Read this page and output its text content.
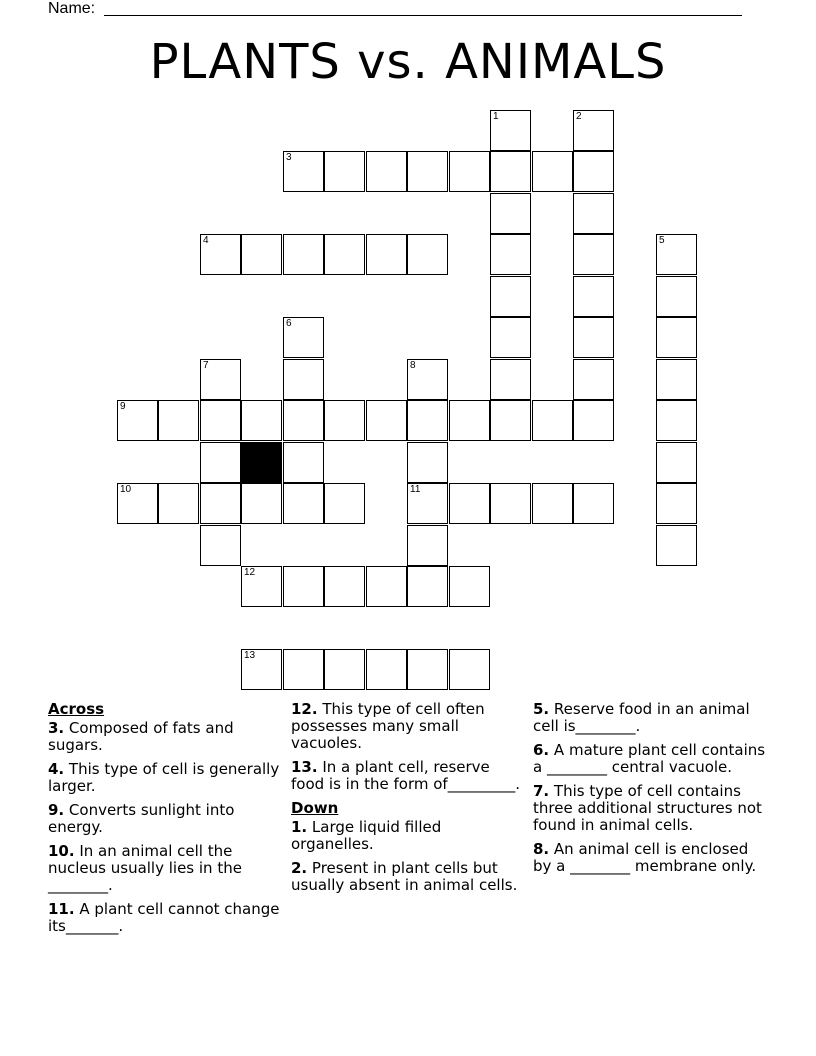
Name:
PLANTS vs. ANIMALS
1	2
3
4	5
6
7	8
9
10	11
12
13
Across
3. Composed of fats and sugars.
4. This type of cell is generally larger.
9. Converts sunlight into energy.
10. In an animal cell the nucleus usually lies in the ________.
11. A plant cell cannot change its_______.
12. This type of cell often possesses many small vacuoles.
13. In a plant cell, reserve food is in the form of_________.
Down
1. Large liquid filled organelles.
2. Present in plant cells but usually absent in animal cells.
5. Reserve food in an animal cell is________.
6. A mature plant cell contains a ________ central vacuole.
7. This type of cell contains three additional structures not found in animal cells.
8. An animal cell is enclosed by a ________ membrane only.
